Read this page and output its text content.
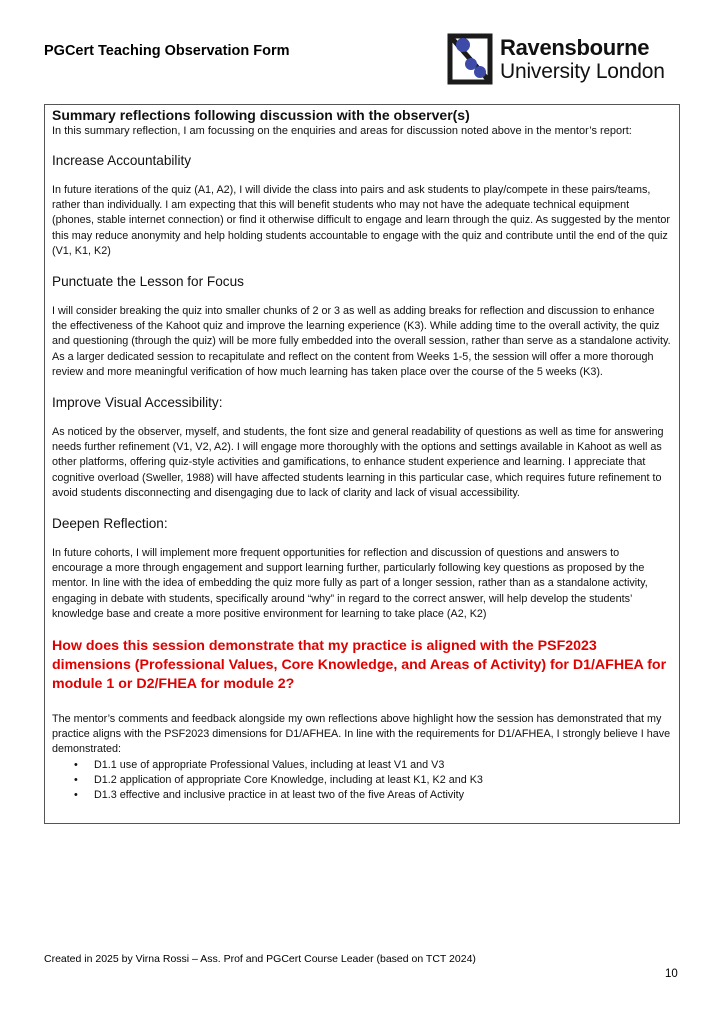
PGCert Teaching Observation Form	Ravensbourne
University London

Summary reflections following discussion with the observer(s)

In this summary reflection, I am focussing on the enquiries and areas for discussion noted above in the mentor’s report:

Increase Accountability

In future iterations of the quiz (A1, A2), I will divide the class into pairs and ask students to play/compete in these pairs/teams, rather than individually. I am expecting that this will benefit students who may not have the adequate technical equipment (phones, stable internet connection) or find it otherwise difficult to engage and learn through the quiz. As suggested by the mentor this may reduce anonymity and help holding students accountable to engage with the quiz and contribute until the end of the quiz (V1, K1, K2)

Punctuate the Lesson for Focus

I will consider breaking the quiz into smaller chunks of 2 or 3 as well as adding breaks for reflection and discussion to enhance the effectiveness of the Kahoot quiz and improve the learning experience (K3). While adding time to the overall activity, the quiz and questioning (through the quiz) will be more fully embedded into the overall session, rather than serve as a standalone activity. As a larger dedicated session to recapitulate and reflect on the content from Weeks 1-5, the session will offer a more thorough review and more meaningful verification of how much learning has taken place over the course of the 5 weeks (K3).

Improve Visual Accessibility:

As noticed by the observer, myself, and students, the font size and general readability of questions as well as time for answering needs further refinement (V1, V2, A2). I will engage more thoroughly with the options and settings available in Kahoot as well as other platforms, offering quiz-style activities and gamifications, to enhance student experience and learning. I appreciate that cognitive overload (Sweller, 1988) will have affected students learning in this particular case, which requires future refinement to avoid students disconnecting and disengaging due to lack of clarity and lack of visual accessibility.

Deepen Reflection:

In future cohorts, I will implement more frequent opportunities for reflection and discussion of questions and answers to encourage a more through engagement and support learning further, particularly following key questions as proposed by the mentor. In line with the idea of embedding the quiz more fully as part of a longer session, rather than as a standalone activity, engaging in debate with students, specifically around “why” in regard to the correct answer, will help develop the students’ knowledge base and create a more positive environment for learning to take place (A2, K2)

How does this session demonstrate that my practice is aligned with the PSF2023 dimensions (Professional Values, Core Knowledge, and Areas of Activity) for D1/AFHEA for module 1 or D2/FHEA for module 2?

The mentor’s comments and feedback alongside my own reflections above highlight how the session has demonstrated that my practice aligns with the PSF2023 dimensions for D1/AFHEA. In line with the requirements for D1/AFHEA, I strongly believe I have demonstrated:

• D1.1 use of appropriate Professional Values, including at least V1 and V3
• D1.2 application of appropriate Core Knowledge, including at least K1, K2 and K3
• D1.3 effective and inclusive practice in at least two of the five Areas of Activity
Created in 2025 by Virna Rossi – Ass. Prof and PGCert Course Leader (based on TCT 2024)
10
